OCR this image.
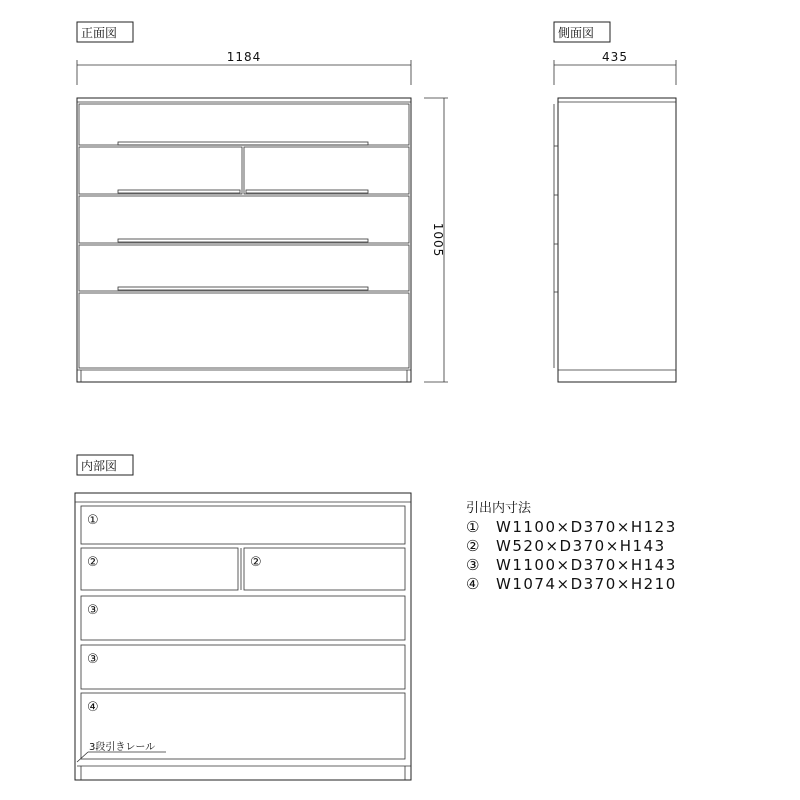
正面図
1184
1005
側面図
435
内部図
①
②	②
③
③
④
3段引きレール
引出内寸法
① W1100×D370×H123
② W520×D370×H143
③ W1100×D370×H143
④ W1074×D370×H210
